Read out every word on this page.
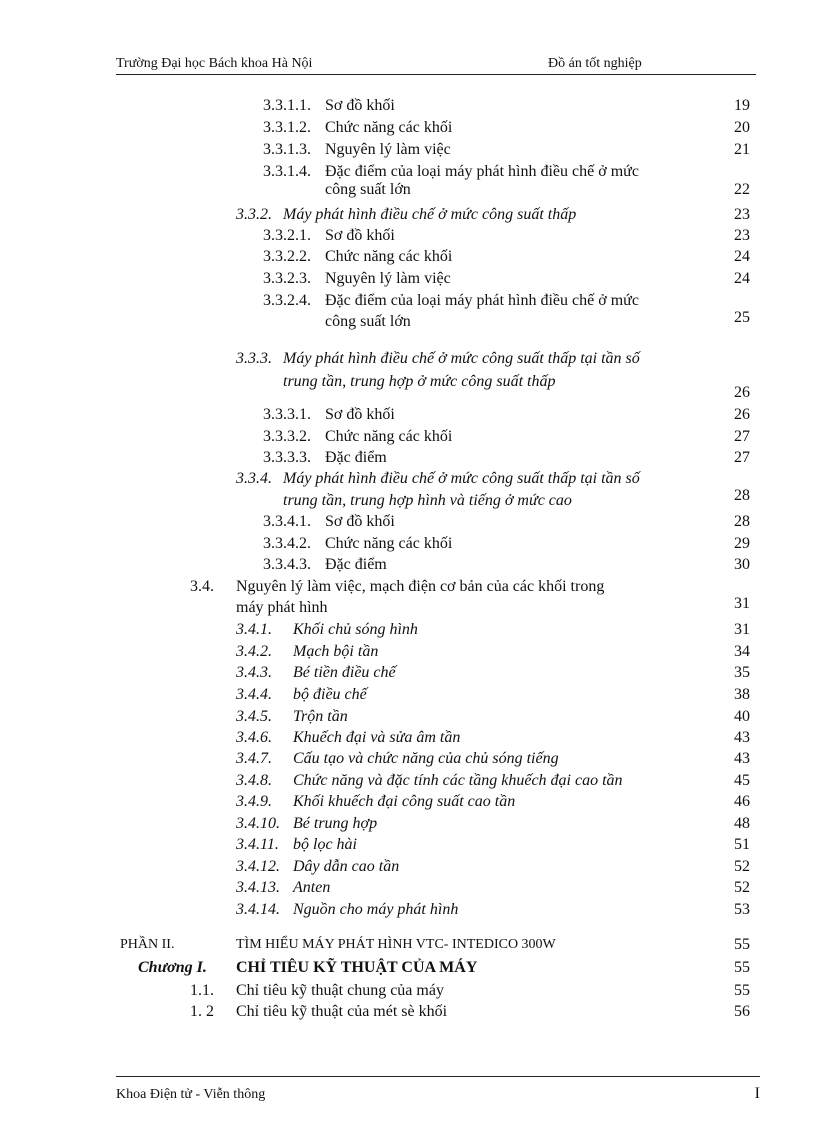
Trường Đại học Bách khoa Hà Nội	Đồ án tốt nghiệp
3.3.1.1. Sơ đồ khối	19
3.3.1.2. Chức năng các khối	20
3.3.1.3. Nguyên lý làm việc	21
3.3.1.4. Đặc điểm của loại máy phát hình điều chế ở mức
công suất lớn	22
3.3.2. Máy phát hình điều chế ở mức công suất thấp	23
3.3.2.1. Sơ đồ khối	23
3.3.2.2. Chức năng các khối	24
3.3.2.3. Nguyên lý làm việc	24
3.3.2.4. Đặc điểm của loại máy phát hình điều chế ở mức
công suất lớn	25
3.3.3. Máy phát hình điều chế ở mức công suất thấp tại tần số
trung tần, trung hợp ở mức công suất thấp
26
3.3.3.1. Sơ đồ khối	26
3.3.3.2. Chức năng các khối	27
3.3.3.3. Đặc điểm	27
3.3.4. Máy phát hình điều chế ở mức công suất thấp tại tần số
trung tần, trung hợp hình và tiếng ở mức cao	28
3.3.4.1. Sơ đồ khối	28
3.3.4.2. Chức năng các khối	29
3.3.4.3. Đặc điểm	30
3.4. Nguyên lý làm việc, mạch điện cơ bản của các khối trong
máy phát hình	31
3.4.1. Khối chủ sóng hình	31
3.4.2. Mạch bội tần	34
3.4.3. Bé tiền điều chế	35
3.4.4. bộ điều chế	38
3.4.5. Trộn tần	40
3.4.6. Khuếch đại và sửa âm tần	43
3.4.7. Cấu tạo và chức năng của chủ sóng tiếng	43
3.4.8. Chức năng và đặc tính các tầng khuếch đại cao tần	45
3.4.9. Khối khuếch đại công suất cao tần	46
3.4.10. Bé trung hợp	48
3.4.11. bộ lọc hài	51
3.4.12. Dây dẫn cao tần	52
3.4.13. Anten	52
3.4.14. Nguồn cho máy phát hình	53
PHẦN II.	TÌM HIỂU MÁY PHÁT HÌNH VTC- INTEDICO 300W	55
Chương I. CHỈ TIÊU KỸ THUẬT CỦA MÁY	55
1.1. Chỉ tiêu kỹ thuật chung của máy	55
1. 2 Chỉ tiêu kỹ thuật của mét sè khối	56
Khoa Điện tử - Viễn thông	I
